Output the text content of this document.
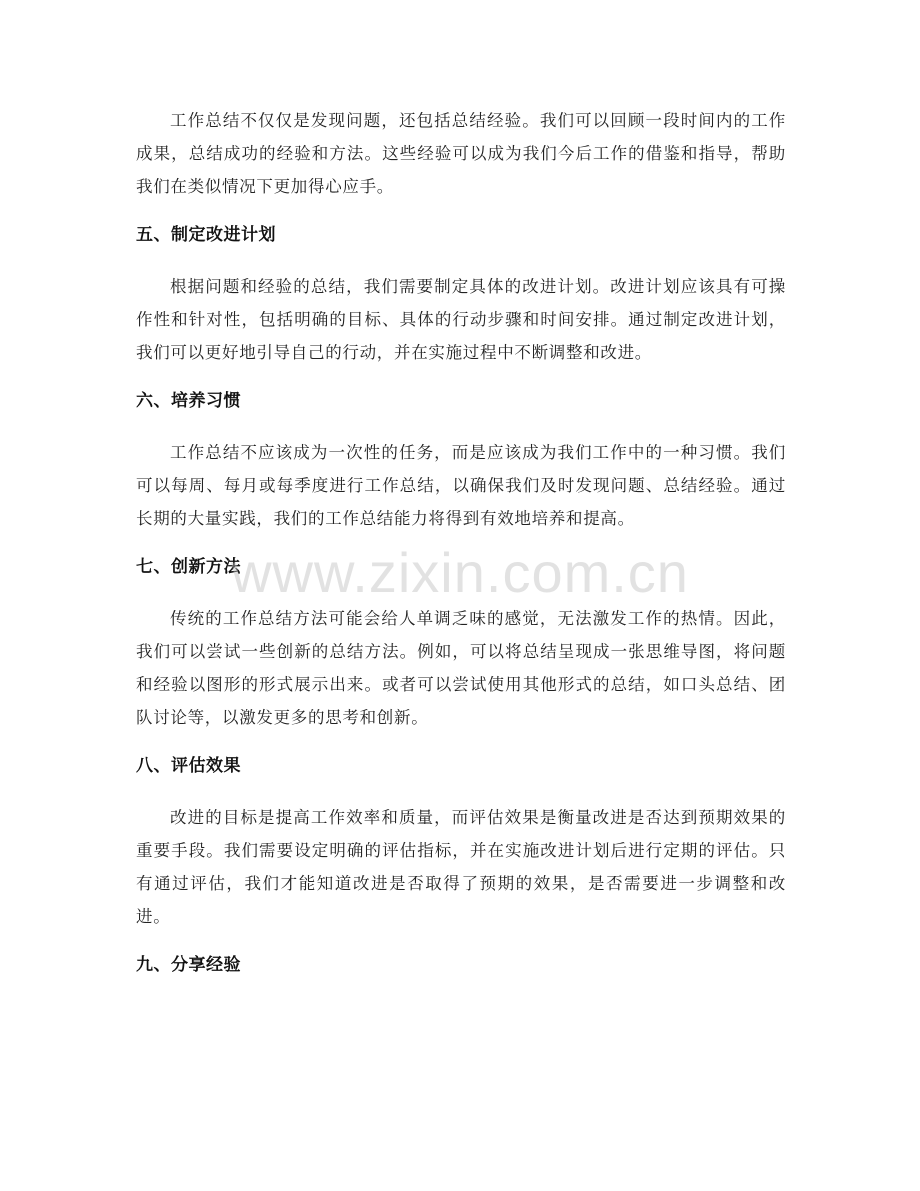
工作总结不仅仅是发现问题，还包括总结经验。我们可以回顾一段时间内的工作成果，总结成功的经验和方法。这些经验可以成为我们今后工作的借鉴和指导，帮助我们在类似情况下更加得心应手。

五、制定改进计划

根据问题和经验的总结，我们需要制定具体的改进计划。改进计划应该具有可操作性和针对性，包括明确的目标、具体的行动步骤和时间安排。通过制定改进计划，我们可以更好地引导自己的行动，并在实施过程中不断调整和改进。

六、培养习惯

工作总结不应该成为一次性的任务，而是应该成为我们工作中的一种习惯。我们可以每周、每月或每季度进行工作总结，以确保我们及时发现问题、总结经验。通过长期的大量实践，我们的工作总结能力将得到有效地培养和提高。

七、创新方法

传统的工作总结方法可能会给人单调乏味的感觉，无法激发工作的热情。因此，我们可以尝试一些创新的总结方法。例如，可以将总结呈现成一张思维导图，将问题和经验以图形的形式展示出来。或者可以尝试使用其他形式的总结，如口头总结、团队讨论等，以激发更多的思考和创新。

八、评估效果

改进的目标是提高工作效率和质量，而评估效果是衡量改进是否达到预期效果的重要手段。我们需要设定明确的评估指标，并在实施改进计划后进行定期的评估。只有通过评估，我们才能知道改进是否取得了预期的效果，是否需要进一步调整和改进。

九、分享经验
www.zixin.com.cn
